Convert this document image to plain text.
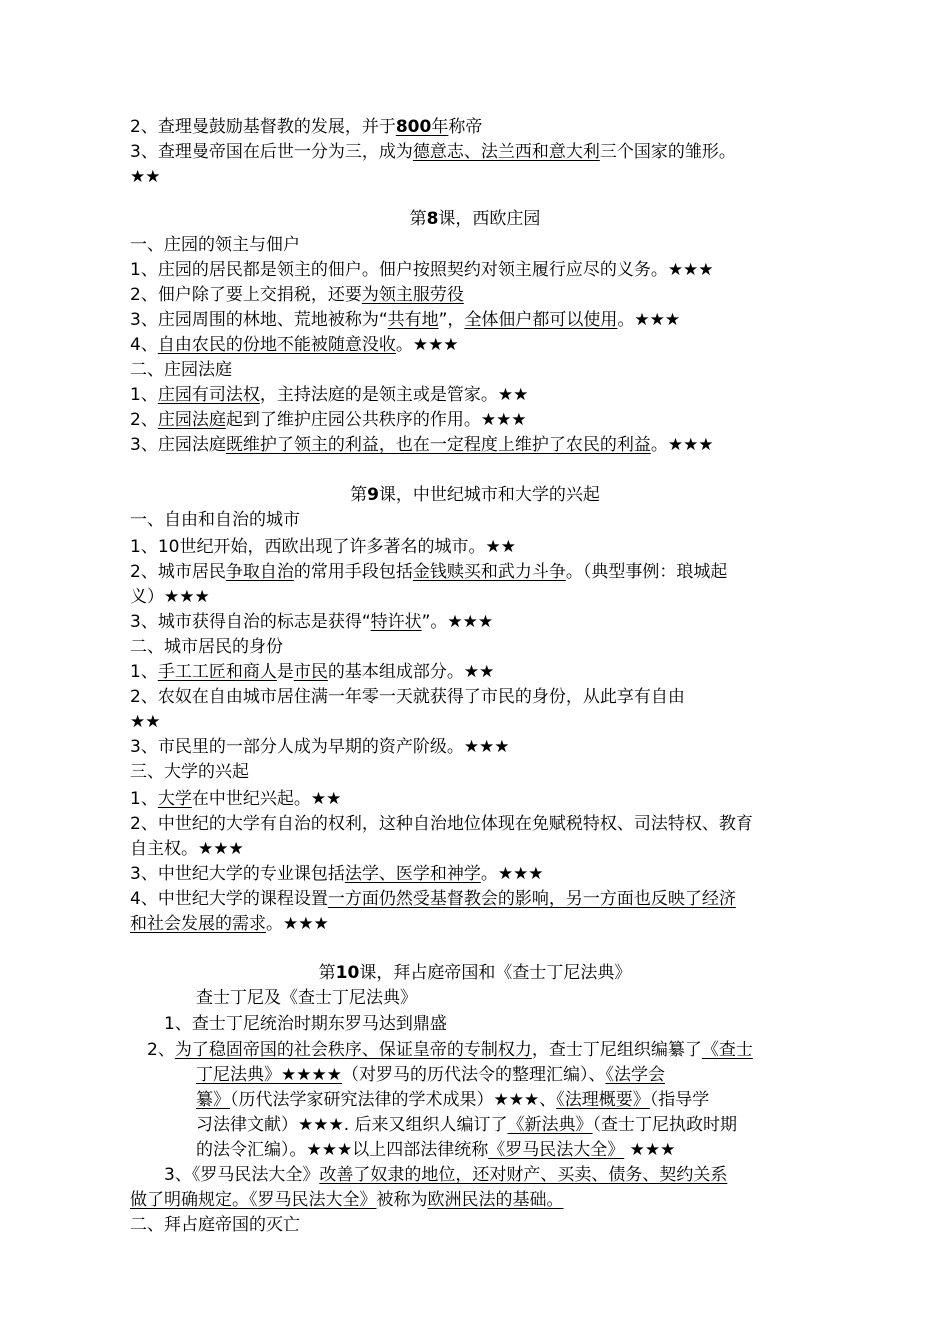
2、查理曼鼓励基督教的发展，并于800年称帝
3、查理曼帝国在后世一分为三，成为德意志、法兰西和意大利三个国家的雏形。
★★
第8课，西欧庄园
一、庄园的领主与佃户
1、庄园的居民都是领主的佃户。佃户按照契约对领主履行应尽的义务。★★★
2、佃户除了要上交捐税，还要为领主服劳役
3、庄园周围的林地、荒地被称为“共有地”，全体佃户都可以使用。★★★
4、自由农民的份地不能被随意没收。★★★
二、庄园法庭
1、庄园有司法权，主持法庭的是领主或是管家。★★
2、庄园法庭起到了维护庄园公共秩序的作用。★★★
3、庄园法庭既维护了领主的利益，也在一定程度上维护了农民的利益。★★★
第9课，中世纪城市和大学的兴起
一、自由和自治的城市
1、10世纪开始，西欧出现了许多著名的城市。★★
2、城市居民争取自治的常用手段包括金钱赎买和武力斗争。（典型事例：琅城起
义）★★★
3、城市获得自治的标志是获得“特许状”。★★★
二、城市居民的身份
1、手工工匠和商人是市民的基本组成部分。★★
2、农奴在自由城市居住满一年零一天就获得了市民的身份，从此享有自由
★★
3、市民里的一部分人成为早期的资产阶级。★★★
三、大学的兴起
1、大学在中世纪兴起。★★
2、中世纪的大学有自治的权利，这种自治地位体现在免赋税特权、司法特权、教育
自主权。★★★
3、中世纪大学的专业课包括法学、医学和神学。★★★
4、中世纪大学的课程设置一方面仍然受基督教会的影响，另一方面也反映了经济
和社会发展的需求。★★★
第10课，拜占庭帝国和《查士丁尼法典》
查士丁尼及《查士丁尼法典》
1、查士丁尼统治时期东罗马达到鼎盛
2、为了稳固帝国的社会秩序、保证皇帝的专制权力，查士丁尼组织编纂了《查士
丁尼法典》★★★★（对罗马的历代法令的整理汇编）、《法学会
纂》（历代法学家研究法律的学术成果）★★★、《法理概要》（指导学
习法律文献）★★★. 后来又组织人编订了《新法典》（查士丁尼执政时期
的法令汇编）。★★★以上四部法律统称《罗马民法大全》 ★★★
3、《罗马民法大全》改善了奴隶的地位，还对财产、买卖、债务、契约关系
做了明确规定。《罗马民法大全》被称为欧洲民法的基础。
二、拜占庭帝国的灭亡
